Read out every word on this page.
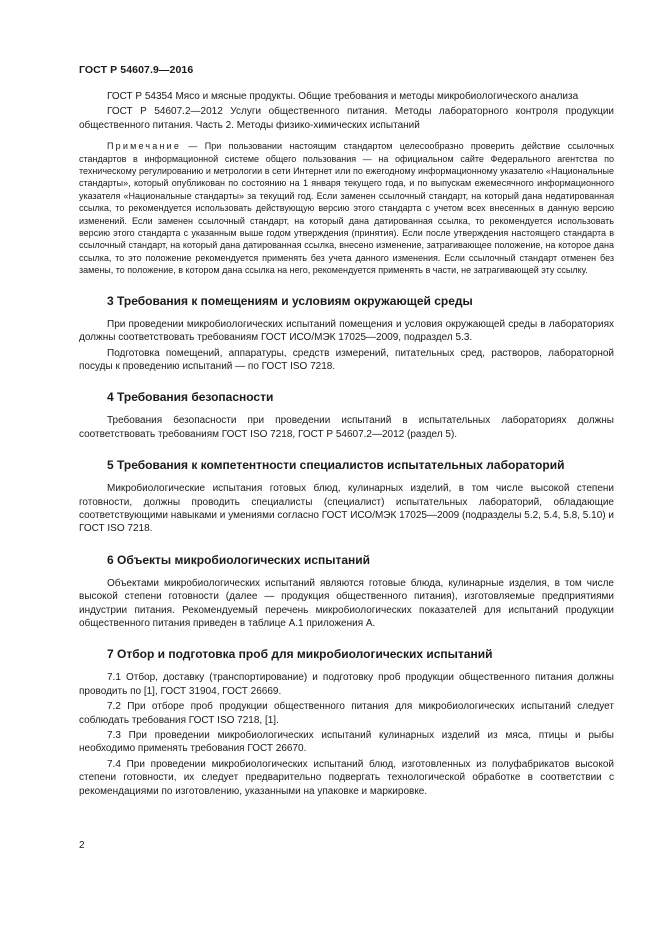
ГОСТ Р 54607.9—2016

ГОСТ Р 54354 Мясо и мясные продукты. Общие требования и методы микробиологического анализа

ГОСТ Р 54607.2—2012 Услуги общественного питания. Методы лабораторного контроля продукции общественного питания. Часть 2. Методы физико-химических испытаний

Примечание — При пользовании настоящим стандартом целесообразно проверить действие ссылочных стандартов в информационной системе общего пользования — на официальном сайте Федерального агентства по техническому регулированию и метрологии в сети Интернет или по ежегодному информационному указателю «Национальные стандарты», который опубликован по состоянию на 1 января текущего года, и по выпускам ежемесячного информационного указателя «Национальные стандарты» за текущий год. Если заменен ссылочный стандарт, на который дана недатированная ссылка, то рекомендуется использовать действующую версию этого стандарта с учетом всех внесенных в данную версию изменений. Если заменен ссылочный стандарт, на который дана датированная ссылка, то рекомендуется использовать версию этого стандарта с указанным выше годом утверждения (принятия). Если после утверждения настоящего стандарта в ссылочный стандарт, на который дана датированная ссылка, внесено изменение, затрагивающее положение, на которое дана ссылка, то это положение рекомендуется применять без учета данного изменения. Если ссылочный стандарт отменен без замены, то положение, в котором дана ссылка на него, рекомендуется применять в части, не затрагивающей эту ссылку.

3 Требования к помещениям и условиям окружающей среды

При проведении микробиологических испытаний помещения и условия окружающей среды в лабораториях должны соответствовать требованиям ГОСТ ИСО/МЭК 17025—2009, подраздел 5.3.

Подготовка помещений, аппаратуры, средств измерений, питательных сред, растворов, лабораторной посуды к проведению испытаний — по ГОСТ ISO 7218.

4 Требования безопасности

Требования безопасности при проведении испытаний в испытательных лабораториях должны соответствовать требованиям ГОСТ ISO 7218, ГОСТ Р 54607.2—2012 (раздел 5).

5 Требования к компетентности специалистов испытательных лабораторий

Микробиологические испытания готовых блюд, кулинарных изделий, в том числе высокой степени готовности, должны проводить специалисты (специалист) испытательных лабораторий, обладающие соответствующими навыками и умениями согласно ГОСТ ИСО/МЭК 17025—2009 (подразделы 5.2, 5.4, 5.8, 5.10) и ГОСТ ISO 7218.

6 Объекты микробиологических испытаний

Объектами микробиологических испытаний являются готовые блюда, кулинарные изделия, в том числе высокой степени готовности (далее — продукция общественного питания), изготовляемые предприятиями индустрии питания. Рекомендуемый перечень микробиологических показателей для испытаний продукции общественного питания приведен в таблице А.1 приложения А.

7 Отбор и подготовка проб для микробиологических испытаний

7.1 Отбор, доставку (транспортирование) и подготовку проб продукции общественного питания должны проводить по [1], ГОСТ 31904, ГОСТ 26669.

7.2 При отборе проб продукции общественного питания для микробиологических испытаний следует соблюдать требования ГОСТ ISO 7218, [1].

7.3 При проведении микробиологических испытаний кулинарных изделий из мяса, птицы и рыбы необходимо применять требования ГОСТ 26670.

7.4 При проведении микробиологических испытаний блюд, изготовленных из полуфабрикатов высокой степени готовности, их следует предварительно подвергать технологической обработке в соответствии с рекомендациями по изготовлению, указанными на упаковке и маркировке.

2
